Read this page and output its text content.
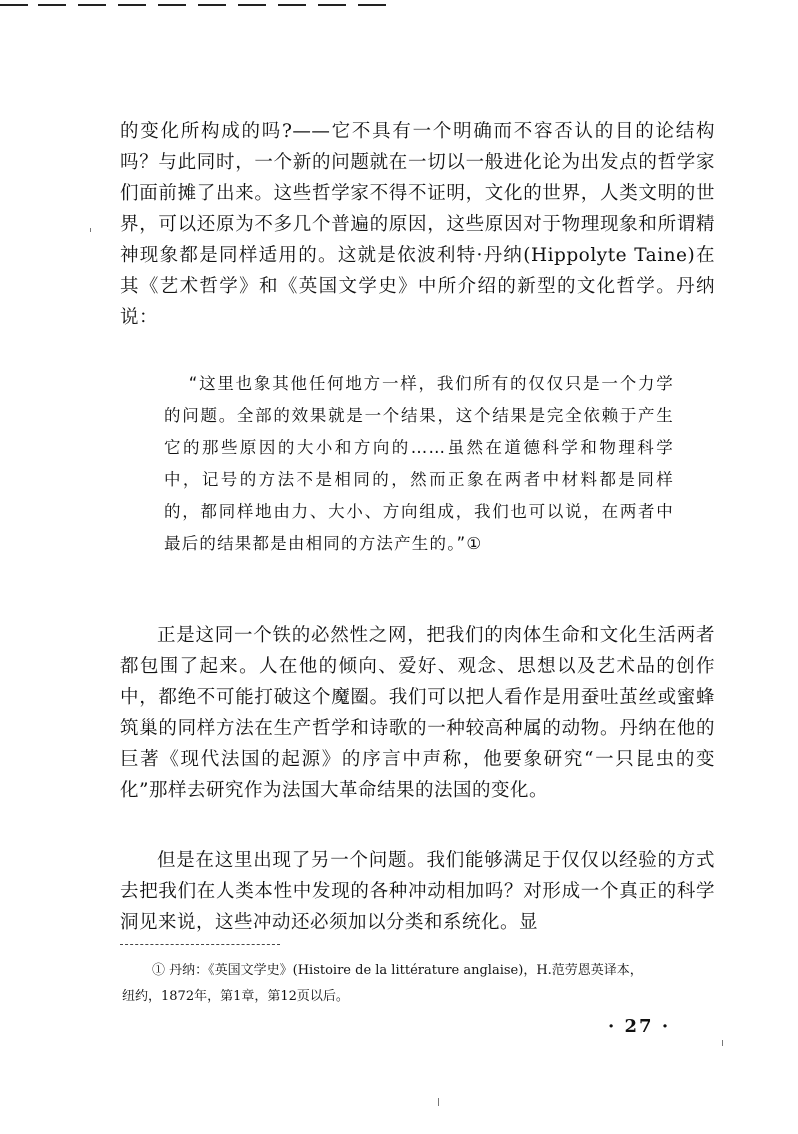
的变化所构成的吗?——它不具有一个明确而不容否认的目的论结构吗？与此同时，一个新的问题就在一切以一般进化论为出发点的哲学家们面前摊了出来。这些哲学家不得不证明，文化的世界，人类文明的世界，可以还原为不多几个普遍的原因，这些原因对于物理现象和所谓精神现象都是同样适用的。这就是依波利特·丹纳(Hippolyte Taine)在其《艺术哲学》和《英国文学史》中所介绍的新型的文化哲学。丹纳说：

“这里也象其他任何地方一样，我们所有的仅仅只是一个力学的问题。全部的效果就是一个结果，这个结果是完全依赖于产生它的那些原因的大小和方向的……虽然在道德科学和物理科学中，记号的方法不是相同的，然而正象在两者中材料都是同样的，都同样地由力、大小、方向组成，我们也可以说，在两者中最后的结果都是由相同的方法产生的。”①

正是这同一个铁的必然性之网，把我们的肉体生命和文化生活两者都包围了起来。人在他的倾向、爱好、观念、思想以及艺术品的创作中，都绝不可能打破这个魔圈。我们可以把人看作是用蚕吐茧丝或蜜蜂筑巢的同样方法在生产哲学和诗歌的一种较高种属的动物。丹纳在他的巨著《现代法国的起源》的序言中声称，他要象研究“一只昆虫的变化”那样去研究作为法国大革命结果的法国的变化。

但是在这里出现了另一个问题。我们能够满足于仅仅以经验的方式去把我们在人类本性中发现的各种冲动相加吗？对形成一个真正的科学洞见来说，这些冲动还必须加以分类和系统化。显

① 丹纳：《英国文学史》(Histoire de la littérature anglaise)，H.范劳恩英译本，
纽约，1872年，第1章，第12页以后。

· 27 ·
